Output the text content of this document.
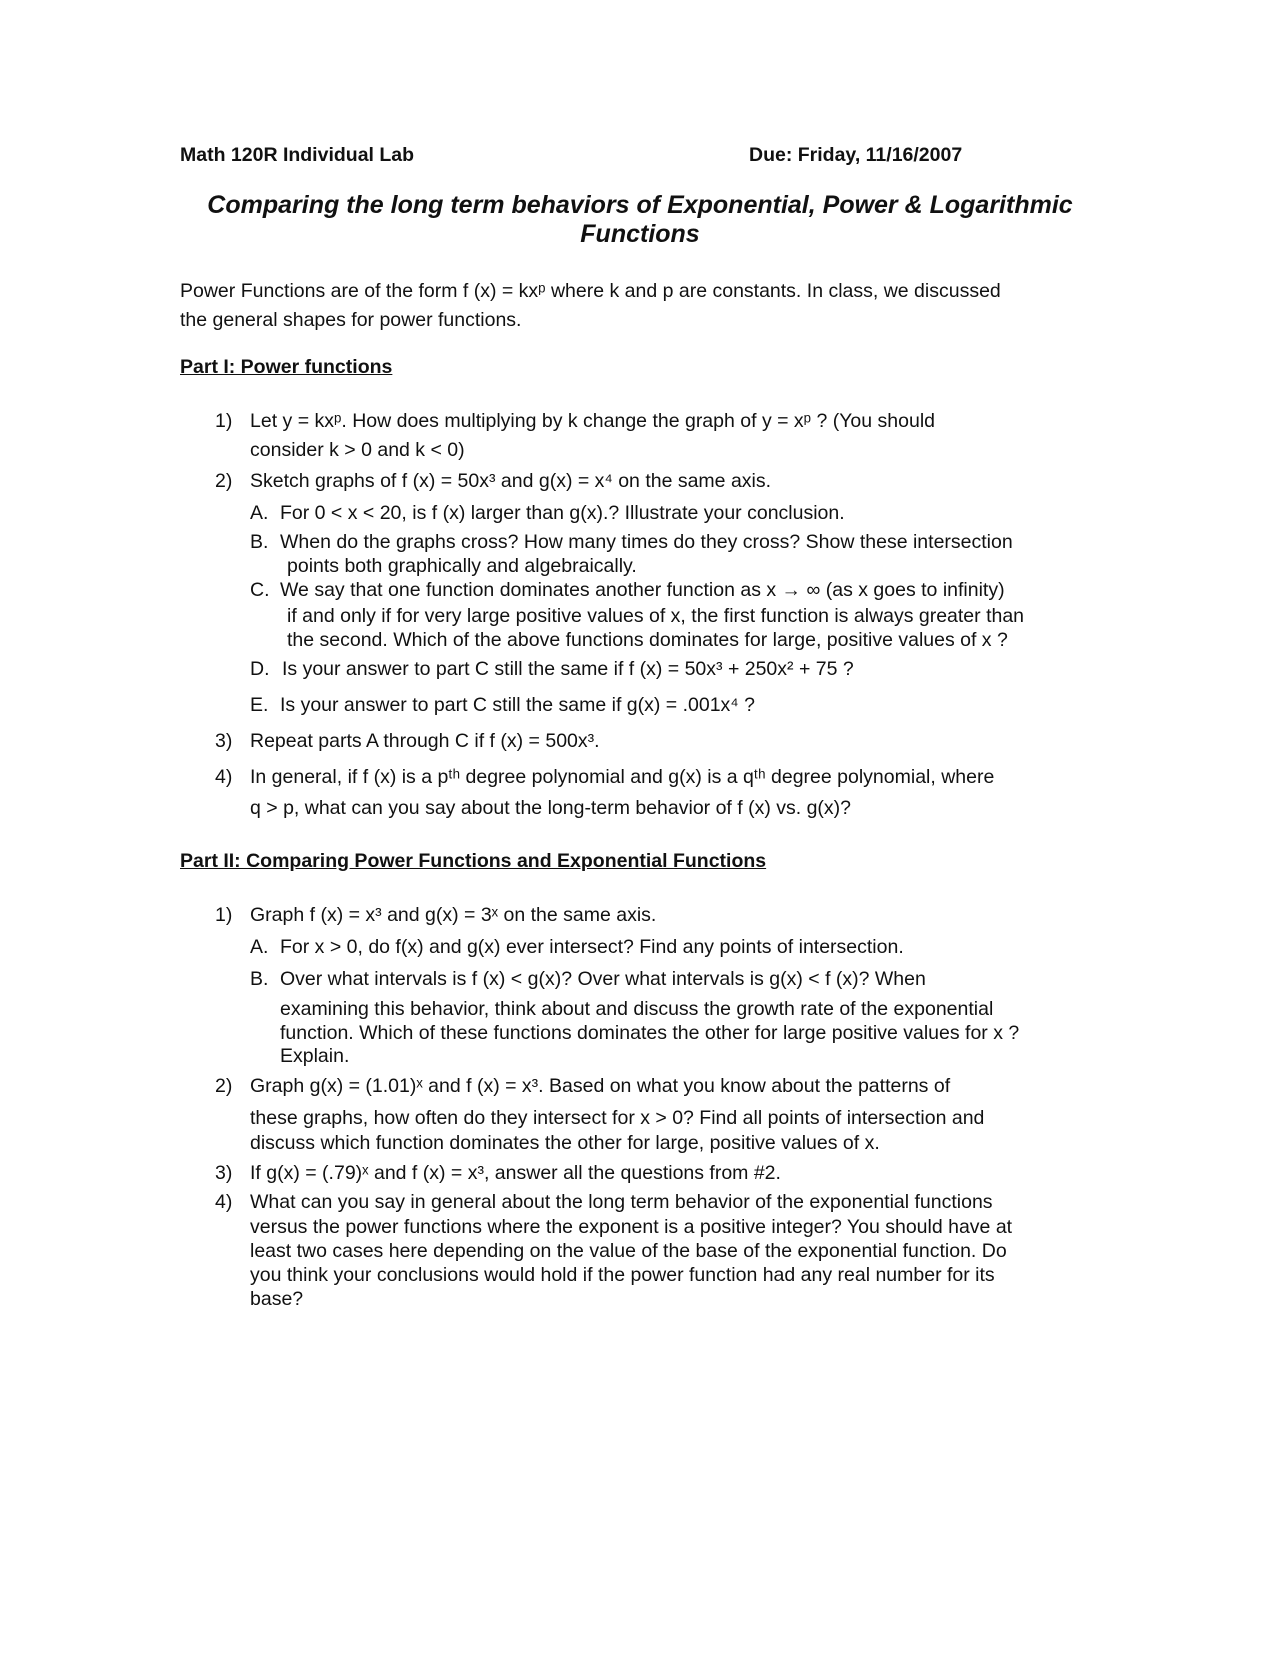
Math 120R Individual Lab	Due: Friday, 11/16/2007
Comparing the long term behaviors of Exponential, Power & Logarithmic
Functions
Power Functions are of the form f (x) = kxᵖ where k and p are constants. In class, we discussed
the general shapes for power functions.
Part I: Power functions
1) Let y = kxᵖ. How does multiplying by k change the graph of y = xᵖ ? (You should
consider k > 0 and k < 0)
2) Sketch graphs of f (x) = 50x³ and g(x) = x⁴ on the same axis.
A. For 0 < x < 20, is f (x) larger than g(x).? Illustrate your conclusion.
B. When do the graphs cross? How many times do they cross? Show these intersection
points both graphically and algebraically.
C. We say that one function dominates another function as x → ∞ (as x goes to infinity)
if and only if for very large positive values of x, the first function is always greater than
the second. Which of the above functions dominates for large, positive values of x ?
D. Is your answer to part C still the same if f (x) = 50x³ + 250x² + 75 ?
E. Is your answer to part C still the same if g(x) = .001x⁴ ?
3) Repeat parts A through C if f (x) = 500x³.
4) In general, if f (x) is a pᵗʰ degree polynomial and g(x) is a qᵗʰ degree polynomial, where
q > p, what can you say about the long-term behavior of f (x) vs. g(x)?
Part II: Comparing Power Functions and Exponential Functions
1) Graph f (x) = x³ and g(x) = 3ˣ on the same axis.
A. For x > 0, do f(x) and g(x) ever intersect? Find any points of intersection.
B. Over what intervals is f (x) < g(x)? Over what intervals is g(x) < f (x)? When
examining this behavior, think about and discuss the growth rate of the exponential
function. Which of these functions dominates the other for large positive values for x ?
Explain.
2) Graph g(x) = (1.01)ˣ and f (x) = x³. Based on what you know about the patterns of
these graphs, how often do they intersect for x > 0? Find all points of intersection and
discuss which function dominates the other for large, positive values of x.
3) If g(x) = (.79)ˣ and f (x) = x³, answer all the questions from #2.
4) What can you say in general about the long term behavior of the exponential functions
versus the power functions where the exponent is a positive integer? You should have at
least two cases here depending on the value of the base of the exponential function. Do
you think your conclusions would hold if the power function had any real number for its
base?
